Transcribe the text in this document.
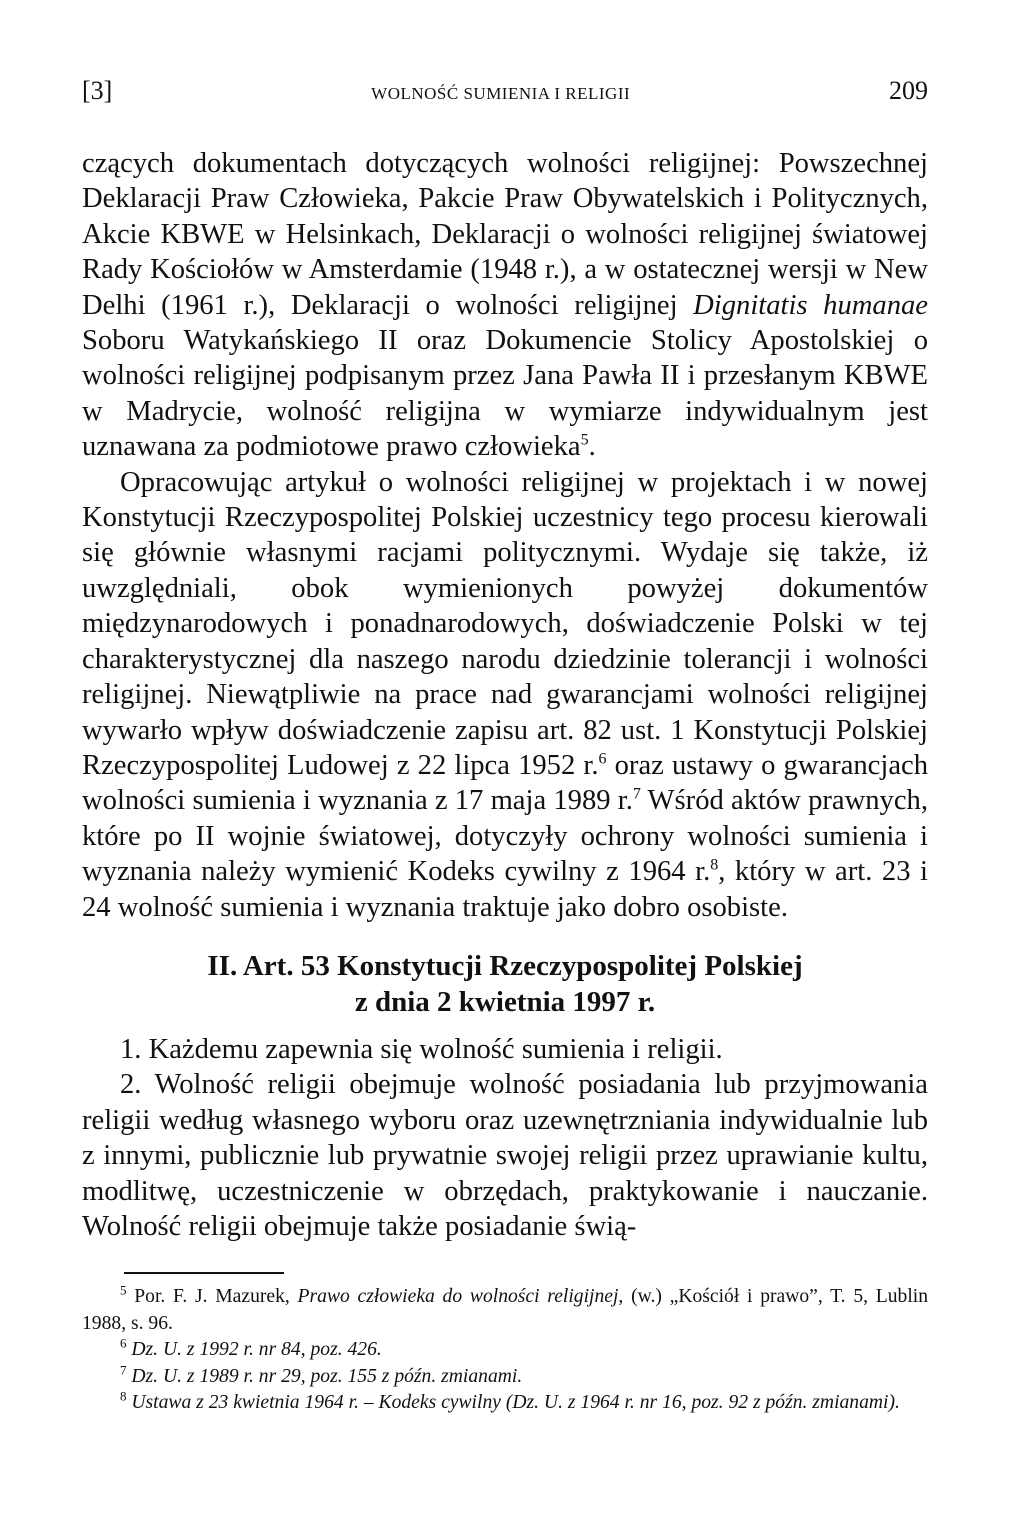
[3]	WOLNOŚĆ SUMIENIA I RELIGII	209

czących dokumentach dotyczących wolności religijnej: Powszechnej Deklaracji Praw Człowieka, Pakcie Praw Obywatelskich i Politycznych, Akcie KBWE w Helsinkach, Deklaracji o wolności religijnej światowej Rady Kościołów w Amsterdamie (1948 r.), a w ostatecznej wersji w New Delhi (1961 r.), Deklaracji o wolności religijnej Dignitatis humanae Soboru Watykańskiego II oraz Dokumencie Stolicy Apostolskiej o wolności religijnej podpisanym przez Jana Pawła II i przesłanym KBWE w Madrycie, wolność religijna w wymiarze indywidualnym jest uznawana za podmiotowe prawo człowieka$^5$.

Opracowując artykuł o wolności religijnej w projektach i w nowej Konstytucji Rzeczypospolitej Polskiej uczestnicy tego procesu kierowali się głównie własnymi racjami politycznymi. Wydaje się także, iż uwzględniali, obok wymienionych powyżej dokumentów międzynarodowych i ponadnarodowych, doświadczenie Polski w tej charakterystycznej dla naszego narodu dziedzinie tolerancji i wolności religijnej. Niewątpliwie na prace nad gwarancjami wolności religijnej wywarło wpływ doświadczenie zapisu art. 82 ust. 1 Konstytucji Polskiej Rzeczypospolitej Ludowej z 22 lipca 1952 r.$^6$ oraz ustawy o gwarancjach wolności sumienia i wyznania z 17 maja 1989 r.$^7$ Wśród aktów prawnych, które po II wojnie światowej, dotyczyły ochrony wolności sumienia i wyznania należy wymienić Kodeks cywilny z 1964 r.$^8$, który w art. 23 i 24 wolność sumienia i wyznania traktuje jako dobro osobiste.

II. Art. 53 Konstytucji Rzeczypospolitej Polskiej
z dnia 2 kwietnia 1997 r.

1. Każdemu zapewnia się wolność sumienia i religii.

2. Wolność religii obejmuje wolność posiadania lub przyjmowania religii według własnego wyboru oraz uzewnętrzniania indywidualnie lub z innymi, publicznie lub prywatnie swojej religii przez uprawianie kultu, modlitwę, uczestniczenie w obrzędach, praktykowanie i nauczanie. Wolność religii obejmuje także posiadanie świą-

$^5$ Por. F. J. Mazurek, Prawo człowieka do wolności religijnej, (w.) „Kościół i prawo”, T. 5, Lublin 1988, s. 96.

$^6$ Dz. U. z 1992 r. nr 84, poz. 426.

$^7$ Dz. U. z 1989 r. nr 29, poz. 155 z późn. zmianami.

$^8$ Ustawa z 23 kwietnia 1964 r. – Kodeks cywilny (Dz. U. z 1964 r. nr 16, poz. 92 z późn. zmianami).
